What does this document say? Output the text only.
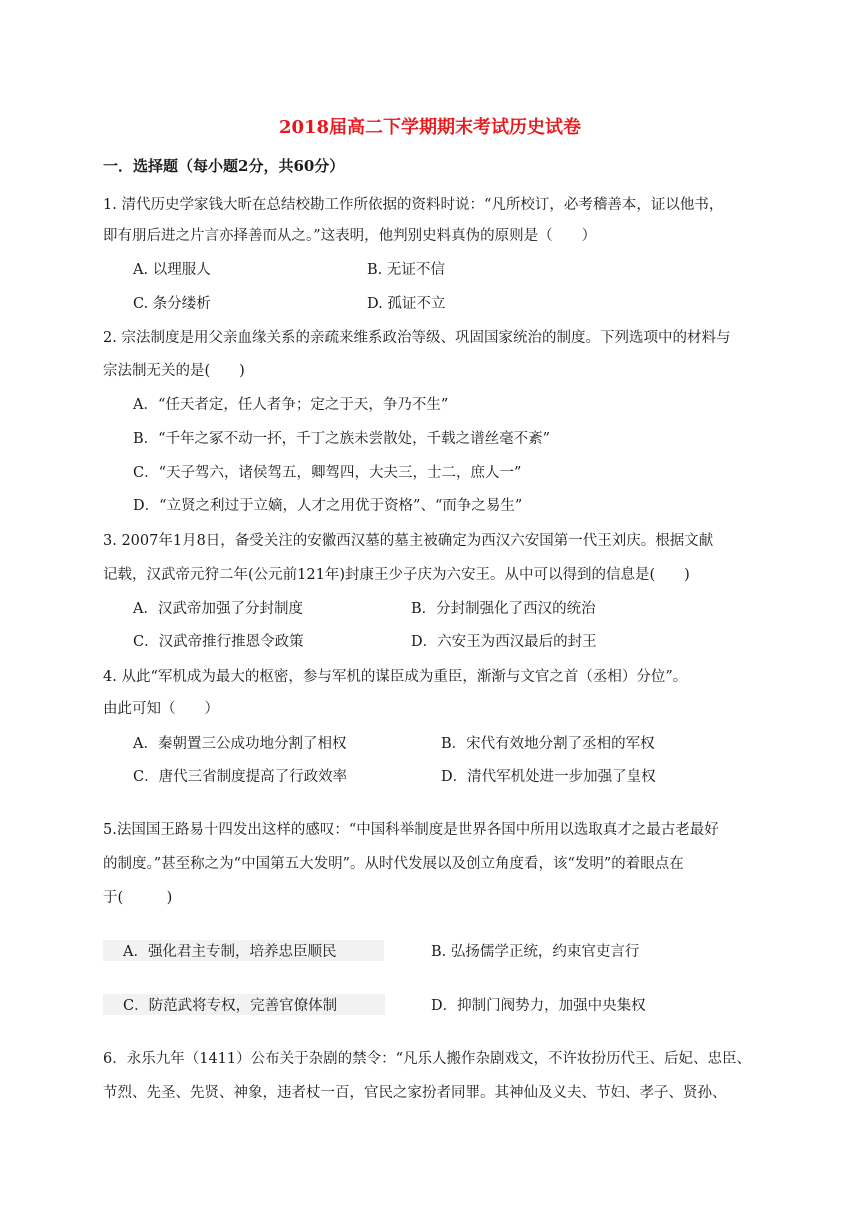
2018届高二下学期期末考试历史试卷
一．选择题（每小题2分，共60分）
1. 清代历史学家钱大昕在总结校勘工作所依据的资料时说：“凡所校订，必考稽善本，证以他书，
即有朋后进之片言亦择善而从之。”这表明，他判别史料真伪的原则是（　　）
A. 以理服人	B. 无证不信
C. 条分缕析	D. 孤证不立
2. 宗法制度是用父亲血缘关系的亲疏来维系政治等级、巩固国家统治的制度。下列选项中的材料与
宗法制无关的是(　　)
A．“任天者定，任人者争；定之于天，争乃不生”
B．“千年之冢不动一抔，千丁之族未尝散处，千载之谱丝毫不紊”
C．“天子驾六，诸侯驾五，卿驾四，大夫三，士二，庶人一”
D．“立贤之利过于立嫡，人才之用优于资格”、“而争之易生”
3. 2007年1月8日，备受关注的安徽西汉墓的墓主被确定为西汉六安国第一代王刘庆。根据文献
记载，汉武帝元狩二年(公元前121年)封康王少子庆为六安王。从中可以得到的信息是(　　)
A．汉武帝加强了分封制度	B．分封制强化了西汉的统治
C．汉武帝推行推恩令政策	D．六安王为西汉最后的封王
4. 从此“军机成为最大的枢密，参与军机的谋臣成为重臣，渐渐与文官之首（丞相）分位”。
由此可知（　　）
A．秦朝置三公成功地分割了相权	B．宋代有效地分割了丞相的军权
C．唐代三省制度提高了行政效率	D．清代军机处进一步加强了皇权
5.法国国王路易十四发出这样的感叹：“中国科举制度是世界各国中所用以选取真才之最古老最好
的制度。”甚至称之为“中国第五大发明”。从时代发展以及创立角度看，该“发明”的着眼点在
于(　　　)
A．强化君主专制，培养忠臣顺民	B. 弘扬儒学正统，约束官吏言行
C．防范武将专权，完善官僚体制	D．抑制门阀势力，加强中央集权
6．永乐九年（1411）公布关于杂剧的禁令：“凡乐人搬作杂剧戏文，不许妆扮历代王、后妃、忠臣、
节烈、先圣、先贤、神象，违者杖一百，官民之家扮者同罪。其神仙及义夫、节妇、孝子、贤孙、
